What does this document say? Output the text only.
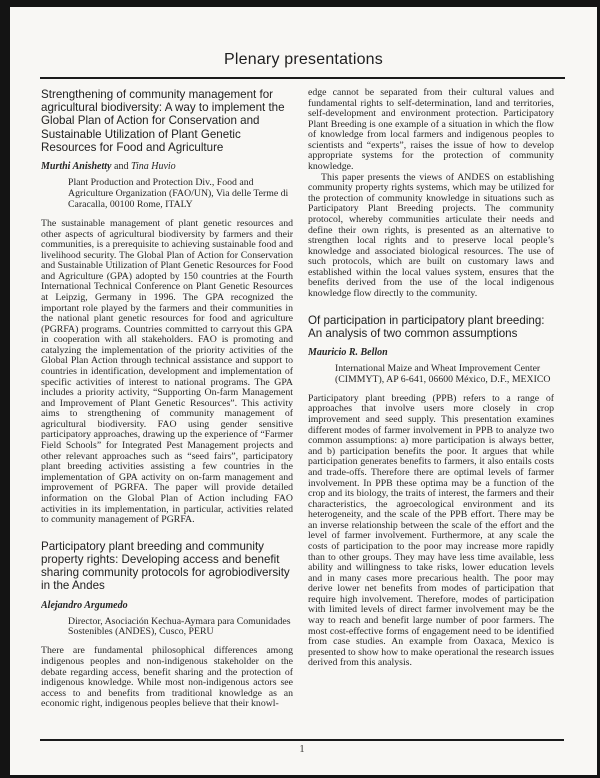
Plenary presentations
Strengthening of community management for agricultural biodiversity: A way to implement the Global Plan of Action for Conservation and Sustainable Utilization of Plant Genetic Resources for Food and Agriculture

Murthi Anishetty and Tina Huvio

Plant Production and Protection Div., Food and Agriculture Organization (FAO/UN), Via delle Terme di Caracalla, 00100 Rome, ITALY

The sustainable management of plant genetic resources and other aspects of agricultural biodiversity by farmers and their communities, is a prerequisite to achieving sustainable food and livelihood security. The Global Plan of Action for Conservation and Sustainable Utilization of Plant Genetic Resources for Food and Agriculture (GPA) adopted by 150 countries at the Fourth International Technical Conference on Plant Genetic Resources at Leipzig, Germany in 1996. The GPA recognized the important role played by the farmers and their communities in the national plant genetic resources for food and agriculture (PGRFA) programs. Countries committed to carryout this GPA in cooperation with all stakeholders. FAO is promoting and catalyzing the implementation of the priority activities of the Global Plan Action through technical assistance and support to countries in identification, development and implementation of specific activities of interest to national programs. The GPA includes a priority activity, “Supporting On-farm Management and Improvement of Plant Genetic Resources”. This activity aims to strengthening of community management of agricultural biodiversity. FAO using gender sensitive participatory approaches, drawing up the experience of “Farmer Field Schools” for Integrated Pest Management projects and other relevant approaches such as “seed fairs”, participatory plant breeding activities assisting a few countries in the implementation of GPA activity on on-farm management and improvement of PGRFA. The paper will provide detailed information on the Global Plan of Action including FAO activities in its implementation, in particular, activities related to community management of PGRFA.

Participatory plant breeding and community property rights: Developing access and benefit sharing community protocols for agrobiodiversity in the Andes

Alejandro Argumedo

Director, Asociación Kechua-Aymara para Comunidades Sostenibles (ANDES), Cusco, PERU

There are fundamental philosophical differences among indigenous peoples and non-indigenous stakeholder on the debate regarding access, benefit sharing and the protection of indigenous knowledge. While most non-indigenous actors see access to and benefits from traditional knowledge as an economic right, indigenous peoples believe that their knowl-

edge cannot be separated from their cultural values and fundamental rights to self-determination, land and territories, self-development and environment protection. Participatory Plant Breeding is one example of a situation in which the flow of knowledge from local farmers and indigenous peoples to scientists and “experts”, raises the issue of how to develop appropriate systems for the protection of community knowledge.

This paper presents the views of ANDES on establishing community property rights systems, which may be utilized for the protection of community knowledge in situations such as Participatory Plant Breeding projects. The community protocol, whereby communities articulate their needs and define their own rights, is presented as an alternative to strengthen local rights and to preserve local people’s knowledge and associated biological resources. The use of such protocols, which are built on customary laws and established within the local values system, ensures that the benefits derived from the use of the local indigenous knowledge flow directly to the community.

Of participation in participatory plant breeding: An analysis of two common assumptions

Mauricio R. Bellon

International Maize and Wheat Improvement Center (CIMMYT), AP 6-641, 06600 México, D.F., MEXICO

Participatory plant breeding (PPB) refers to a range of approaches that involve users more closely in crop improvement and seed supply. This presentation examines different modes of farmer involvement in PPB to analyze two common assumptions: a) more participation is always better, and b) participation benefits the poor. It argues that while participation generates benefits to farmers, it also entails costs and trade-offs. Therefore there are optimal levels of farmer involvement. In PPB these optima may be a function of the crop and its biology, the traits of interest, the farmers and their characteristics, the agroecological environment and its heterogeneity, and the scale of the PPB effort. There may be an inverse relationship between the scale of the effort and the level of farmer involvement. Furthermore, at any scale the costs of participation to the poor may increase more rapidly than to other groups. They may have less time available, less ability and willingness to take risks, lower education levels and in many cases more precarious health. The poor may derive lower net benefits from modes of participation that require high involvement. Therefore, modes of participation with limited levels of direct farmer involvement may be the way to reach and benefit large number of poor farmers. The most cost-effective forms of engagement need to be identified from case studies. An example from Oaxaca, Mexico is presented to show how to make operational the research issues derived from this analysis.

1
